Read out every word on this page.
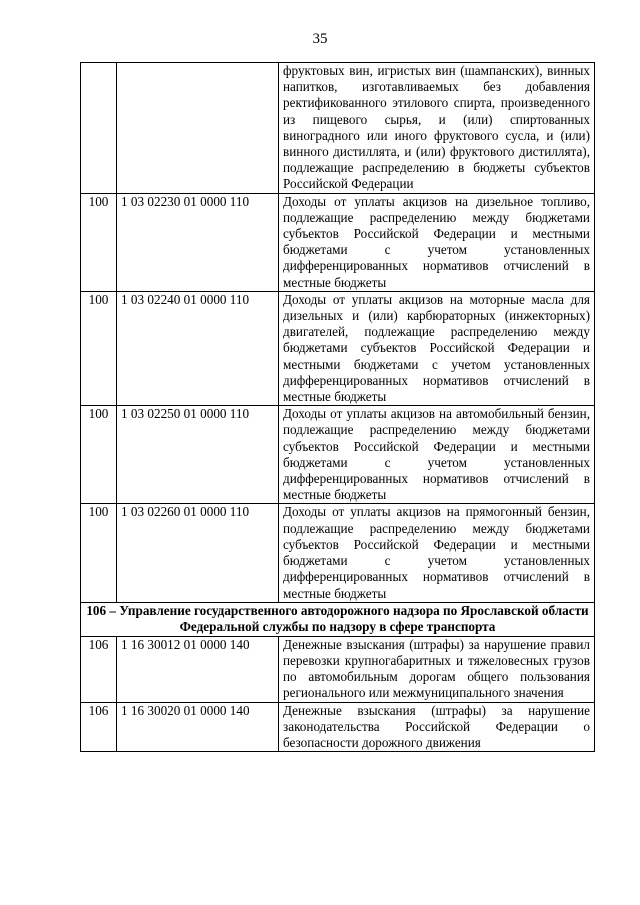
35
		фруктовых вин, игристых вин (шампанских), винных напитков, изготавливаемых без добавления ректификованного этилового спирта, произведенного из пищевого сырья, и (или) спиртованных виноградного или иного фруктового сусла, и (или) винного дистиллята, и (или) фруктового дистиллята), подлежащие распределению в бюджеты субъектов Российской Федерации
100	1 03 02230 01 0000 110	Доходы от уплаты акцизов на дизельное топливо, подлежащие распределению между бюджетами субъектов Российской Федерации и местными бюджетами с учетом установленных дифференцированных нормативов отчислений в местные бюджеты
100	1 03 02240 01 0000 110	Доходы от уплаты акцизов на моторные масла для дизельных и (или) карбюраторных (инжекторных) двигателей, подлежащие распределению между бюджетами субъектов Российской Федерации и местными бюджетами с учетом установленных дифференцированных нормативов отчислений в местные бюджеты
100	1 03 02250 01 0000 110	Доходы от уплаты акцизов на автомобильный бензин, подлежащие распределению между бюджетами субъектов Российской Федерации и местными бюджетами с учетом установленных дифференцированных нормативов отчислений в местные бюджеты
100	1 03 02260 01 0000 110	Доходы от уплаты акцизов на прямогонный бензин, подлежащие распределению между бюджетами субъектов Российской Федерации и местными бюджетами с учетом установленных дифференцированных нормативов отчислений в местные бюджеты
106 – Управление государственного автодорожного надзора по Ярославской области Федеральной службы по надзору в сфере транспорта		
106	1 16 30012 01 0000 140	Денежные взыскания (штрафы) за нарушение правил перевозки крупногабаритных и тяжеловесных грузов по автомобильным дорогам общего пользования регионального или межмуниципального значения
106	1 16 30020 01 0000 140	Денежные взыскания (штрафы) за нарушение законодательства Российской Федерации о безопасности дорожного движения
